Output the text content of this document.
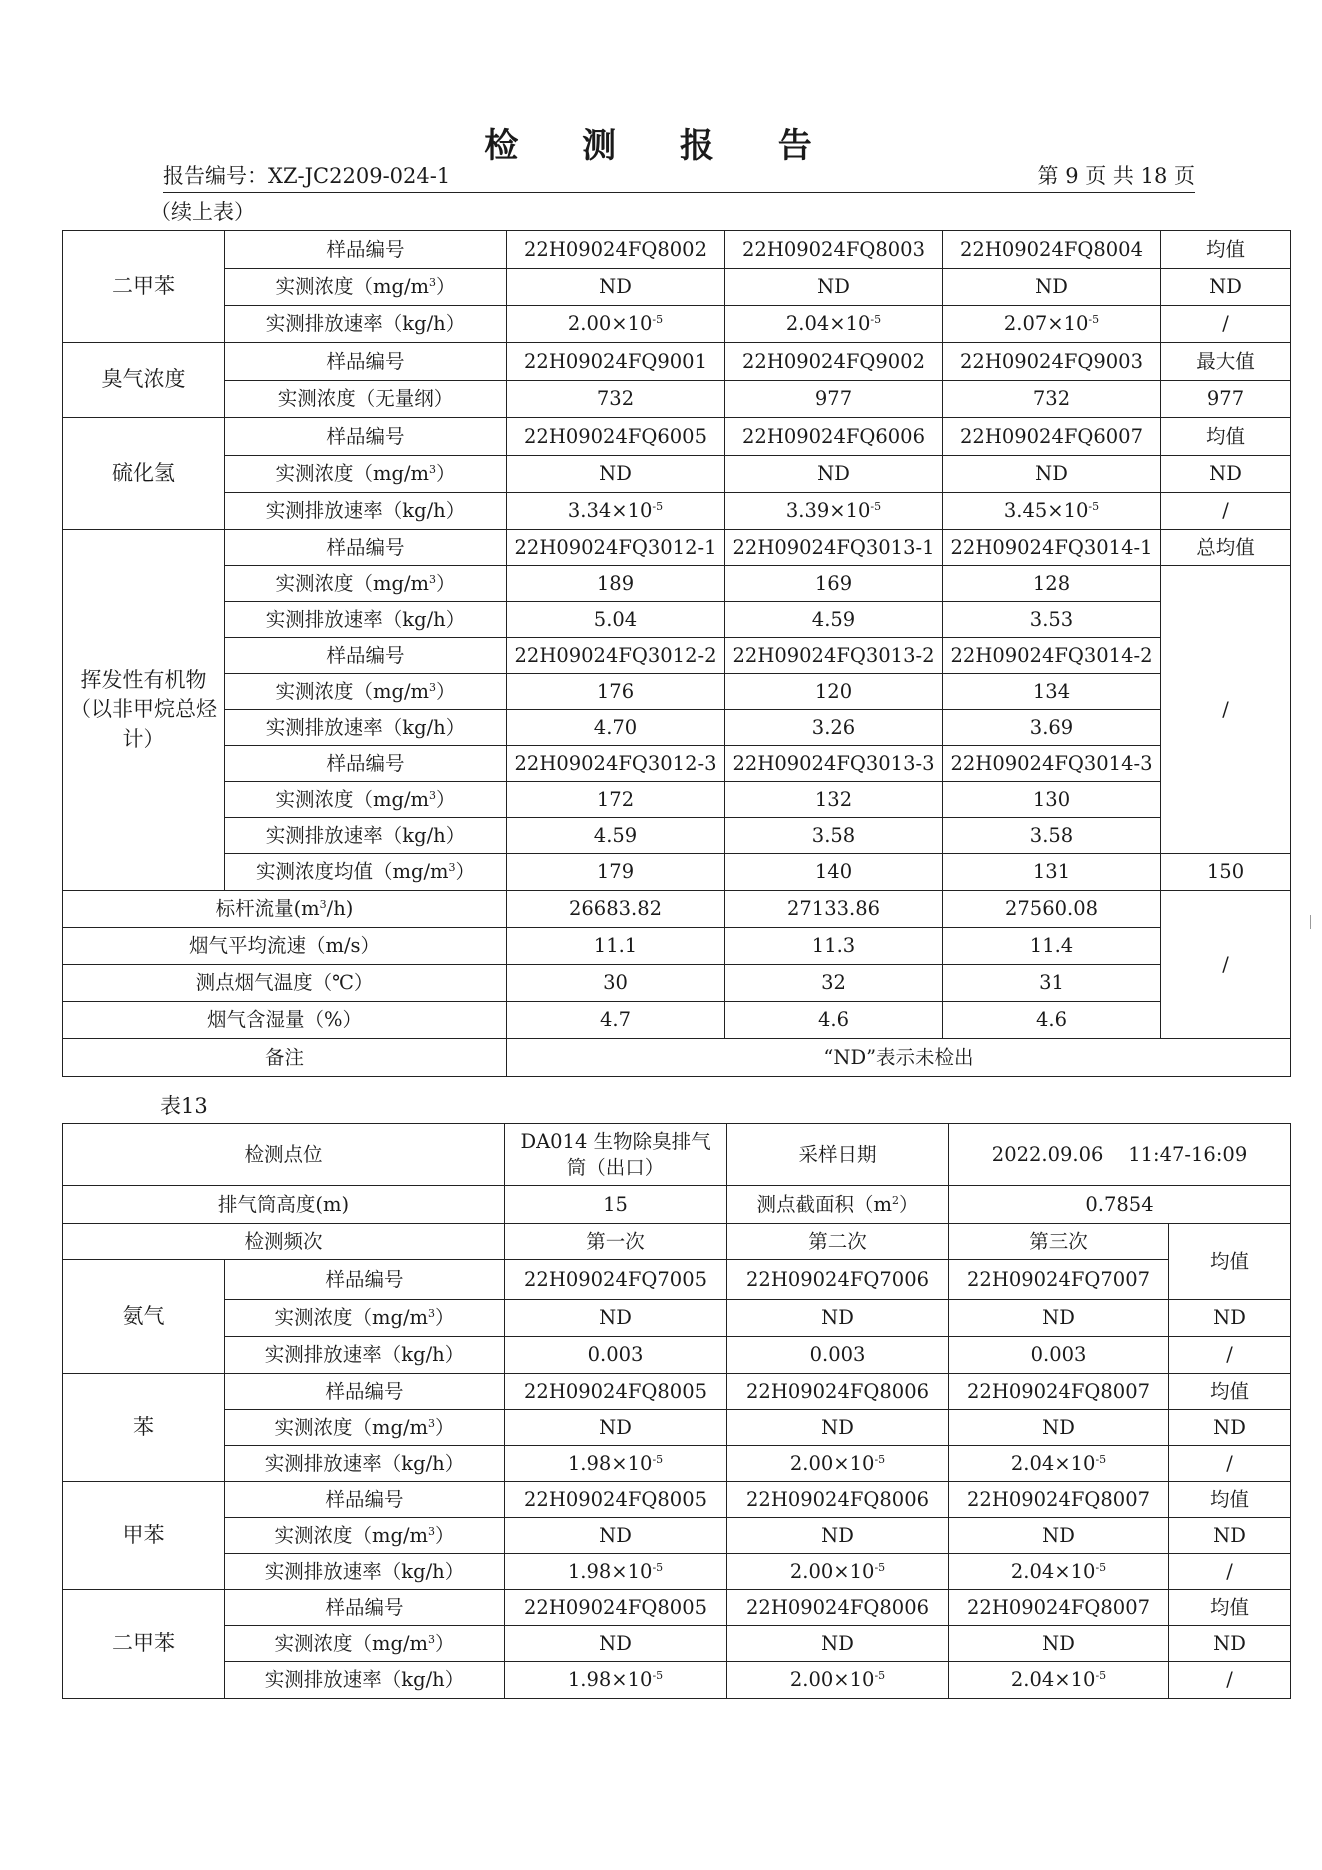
检 测 报 告
报告编号：XZ-JC2209-024-1	第 9 页 共 18 页
（续上表）
二甲苯	样品编号	22H09024FQ8002	22H09024FQ8003	22H09024FQ8004	均值
	实测浓度$(mg/m^3)$	ND	ND	ND	ND
	实测排放速率（kg/h）	$2.00\times 10^{-5}$	$2.04\times 10^{-5}$	$2.07\times 10^{-5}$	/
臭气浓度	样品编号	22H09024FQ9001	22H09024FQ9002	22H09024FQ9003	最大值
	实测浓度（无量纲）	732	977	732	977
硫化氢	样品编号	22H09024FQ6005	22H09024FQ6006	22H09024FQ6007	均值
	实测浓度$(mg/m^3)$	ND	ND	ND	ND
	实测排放速率（kg/h）	$3.34\times 10^{-5}$	$3.39\times 10^{-5}$	$3.45\times 10^{-5}$	/
挥发性有机物（以非甲烷总烃计）	样品编号	22H09024FQ3012-1	22H09024FQ3013-1	22H09024FQ3014-1	总均值
	实测浓度$(mg/m^3)$	189	169	128	/
	实测排放速率（kg/h）	5.04	4.59	3.53	
	样品编号	22H09024FQ3012-2	22H09024FQ3013-2	22H09024FQ3014-2	
	实测浓度$(mg/m^3)$	176	120	134	
	实测排放速率（kg/h）	4.70	3.26	3.69	
	样品编号	22H09024FQ3012-3	22H09024FQ3013-3	22H09024FQ3014-3	
	实测浓度$(mg/m^3)$	172	132	130	
	实测排放速率（kg/h）	4.59	3.58	3.58	
	实测浓度均值$(mg/m^3)$	179	140	131	150
标杆流量$(m^3/h)$		26683.82	27133.86	27560.08	/
烟气平均流速（m/s）		11.1	11.3	11.4	
测点烟气温度（℃）		30	32	31	
烟气含湿量（%）		4.7	4.6	4.6	
备注		“ND”表示未检出			
表13
检测点位		DA014 生物除臭排气筒（出口）	采样日期	2022.09.06    11:47-16:09	
排气筒高度(m)		15	测点截面积$(m^2)$	0.7854	
检测频次		第一次	第二次	第三次	均值
氨气	样品编号	22H09024FQ7005	22H09024FQ7006	22H09024FQ7007	
	实测浓度$(mg/m^3)$	ND	ND	ND	ND
	实测排放速率（kg/h）	0.003	0.003	0.003	/
苯	样品编号	22H09024FQ8005	22H09024FQ8006	22H09024FQ8007	均值
	实测浓度$(mg/m^3)$	ND	ND	ND	ND
	实测排放速率（kg/h）	$1.98\times 10^{-5}$	$2.00\times 10^{-5}$	$2.04\times 10^{-5}$	/
甲苯	样品编号	22H09024FQ8005	22H09024FQ8006	22H09024FQ8007	均值
	实测浓度$(mg/m^3)$	ND	ND	ND	ND
	实测排放速率（kg/h）	$1.98\times 10^{-5}$	$2.00\times 10^{-5}$	$2.04\times 10^{-5}$	/
二甲苯	样品编号	22H09024FQ8005	22H09024FQ8006	22H09024FQ8007	均值
	实测浓度$(mg/m^3)$	ND	ND	ND	ND
	实测排放速率（kg/h）	$1.98\times 10^{-5}$	$2.00\times 10^{-5}$	$2.04\times 10^{-5}$	/
